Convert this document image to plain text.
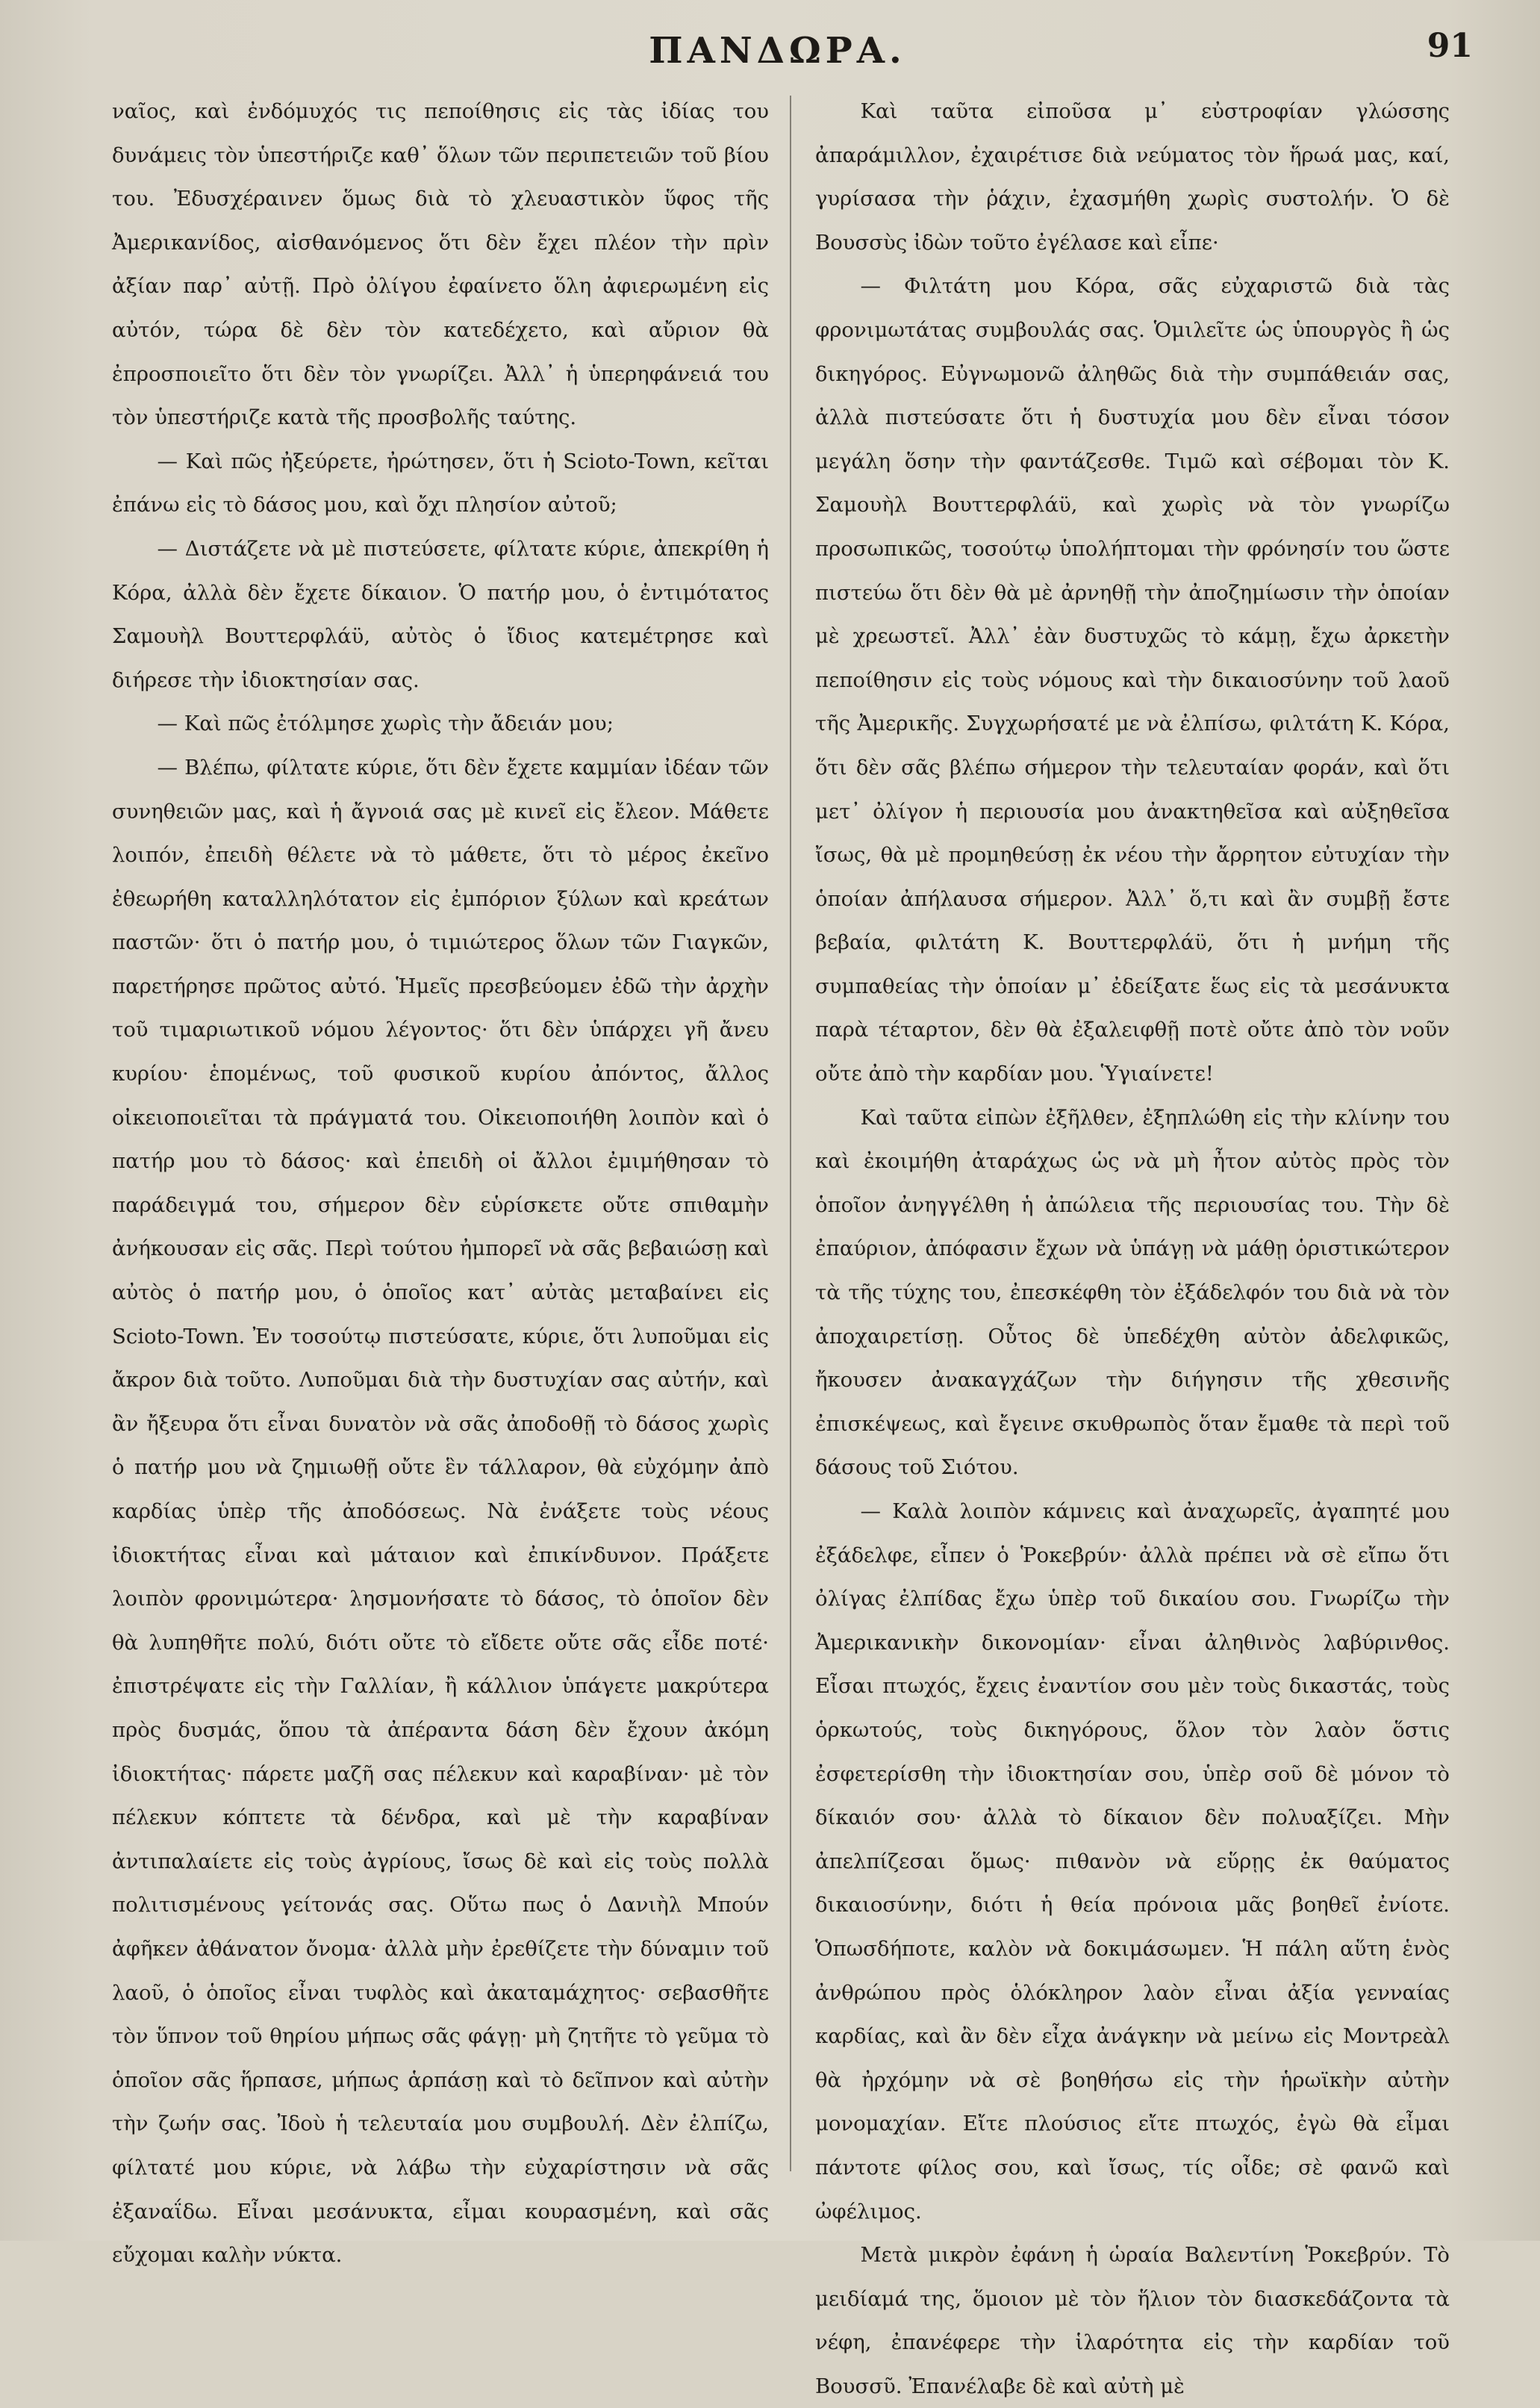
ΠΑΝΔΩΡΑ.	91

ναῖος, καὶ ἐνδόμυχός τις πεποίθησις εἰς τὰς ἰδίας του δυνάμεις τὸν ὑπεστήριζε καθ᾿ ὅλων τῶν περιπετειῶν τοῦ βίου του. Ἐδυσχέραινεν ὅμως διὰ τὸ χλευαστικὸν ὕφος τῆς Ἀμερικανίδος, αἰσθανόμενος ὅτι δὲν ἔχει πλέον τὴν πρὶν ἀξίαν παρ᾿ αὐτῇ. Πρὸ ὀλίγου ἐφαίνετο ὅλη ἀφιερωμένη εἰς αὐτόν, τώρα δὲ δὲν τὸν κατεδέχετο, καὶ αὔριον θὰ ἐπροσποιεῖτο ὅτι δὲν τὸν γνωρίζει. Ἀλλ᾿ ἡ ὑπερηφάνειά του τὸν ὑπεστήριζε κατὰ τῆς προσβολῆς ταύτης.

— Καὶ πῶς ἠξεύρετε, ἠρώτησεν, ὅτι ἡ Scioto-Town, κεῖται ἐπάνω εἰς τὸ δάσος μου, καὶ ὄχι πλησίον αὐτοῦ;

— Διστάζετε νὰ μὲ πιστεύσετε, φίλτατε κύριε, ἀπεκρίθη ἡ Κόρα, ἀλλὰ δὲν ἔχετε δίκαιον. Ὁ πατήρ μου, ὁ ἐντιμότατος Σαμουὴλ Βουττερφλάϋ, αὐτὸς ὁ ἴδιος κατεμέτρησε καὶ διήρεσε τὴν ἰδιοκτησίαν σας.

— Καὶ πῶς ἐτόλμησε χωρὶς τὴν ἄδειάν μου;

— Βλέπω, φίλτατε κύριε, ὅτι δὲν ἔχετε καμμίαν ἰδέαν τῶν συνηθειῶν μας, καὶ ἡ ἄγνοιά σας μὲ κινεῖ εἰς ἔλεον. Μάθετε λοιπόν, ἐπειδὴ θέλετε νὰ τὸ μάθετε, ὅτι τὸ μέρος ἐκεῖνο ἐθεωρήθη καταλληλότατον εἰς ἐμπόριον ξύλων καὶ κρεάτων παστῶν· ὅτι ὁ πατήρ μου, ὁ τιμιώτερος ὅλων τῶν Γιαγκῶν, παρετήρησε πρῶτος αὐτό. Ἡμεῖς πρεσβεύομεν ἐδῶ τὴν ἀρχὴν τοῦ τιμαριωτικοῦ νόμου λέγοντος· ὅτι δὲν ὑπάρχει γῆ ἄνευ κυρίου· ἑπομένως, τοῦ φυσικοῦ κυρίου ἀπόντος, ἄλλος οἰκειοποιεῖται τὰ πράγματά του. Οἰκειοποιήθη λοιπὸν καὶ ὁ πατήρ μου τὸ δάσος· καὶ ἐπειδὴ οἱ ἄλλοι ἐμιμήθησαν τὸ παράδειγμά του, σήμερον δὲν εὑρίσκετε οὔτε σπιθαμὴν ἀνήκουσαν εἰς σᾶς. Περὶ τούτου ἠμπορεῖ νὰ σᾶς βεβαιώσῃ καὶ αὐτὸς ὁ πατήρ μου, ὁ ὁποῖος κατ᾿ αὐτὰς μεταβαίνει εἰς Scioto-Town. Ἐν τοσούτῳ πιστεύσατε, κύριε, ὅτι λυποῦμαι εἰς ἄκρον διὰ τοῦτο. Λυποῦμαι διὰ τὴν δυστυχίαν σας αὐτήν, καὶ ἂν ἤξευρα ὅτι εἶναι δυνατὸν νὰ σᾶς ἀποδοθῇ τὸ δάσος χωρὶς ὁ πατήρ μου νὰ ζημιωθῇ οὔτε ἓν τάλλαρον, θὰ εὐχόμην ἀπὸ καρδίας ὑπὲρ τῆς ἀποδόσεως. Νὰ ἐνάξετε τοὺς νέους ἰδιοκτήτας εἶναι καὶ μάταιον καὶ ἐπικίνδυνον. Πράξετε λοιπὸν φρονιμώτερα· λησμονήσατε τὸ δάσος, τὸ ὁποῖον δὲν θὰ λυπηθῆτε πολύ, διότι οὔτε τὸ εἴδετε οὔτε σᾶς εἶδε ποτέ· ἐπιστρέψατε εἰς τὴν Γαλλίαν, ἢ κάλλιον ὑπάγετε μακρύτερα πρὸς δυσμάς, ὅπου τὰ ἀπέραντα δάση δὲν ἔχουν ἀκόμη ἰδιοκτήτας· πάρετε μαζῆ σας πέλεκυν καὶ καραβίναν· μὲ τὸν πέλεκυν κόπτετε τὰ δένδρα, καὶ μὲ τὴν καραβίναν ἀντιπαλαίετε εἰς τοὺς ἀγρίους, ἴσως δὲ καὶ εἰς τοὺς πολλὰ πολιτισμένους γείτονάς σας. Οὕτω πως ὁ Δανιὴλ Μπούν ἀφῆκεν ἀθάνατον ὄνομα· ἀλλὰ μὴν ἐρεθίζετε τὴν δύναμιν τοῦ λαοῦ, ὁ ὁποῖος εἶναι τυφλὸς καὶ ἀκαταμάχητος· σεβασθῆτε τὸν ὕπνον τοῦ θηρίου μήπως σᾶς φάγῃ· μὴ ζητῆτε τὸ γεῦμα τὸ ὁποῖον σᾶς ἥρπασε, μήπως ἁρπάσῃ καὶ τὸ δεῖπνον καὶ αὐτὴν τὴν ζωήν σας. Ἰδοὺ ἡ τελευταία μου συμβουλή. Δὲν ἐλπίζω, φίλτατέ μου κύριε, νὰ λάβω τὴν εὐχαρίστησιν νὰ σᾶς ἐξαναΐδω. Εἶναι μεσάνυκτα, εἶμαι κουρασμένη, καὶ σᾶς εὔχομαι καλὴν νύκτα.

Καὶ ταῦτα εἰποῦσα μ᾿ εὐστροφίαν γλώσσης ἀπαράμιλλον, ἐχαιρέτισε διὰ νεύματος τὸν ἥρωά μας, καί, γυρίσασα τὴν ῥάχιν, ἐχασμήθη χωρὶς συστολήν. Ὁ δὲ Βουσσὺς ἰδὼν τοῦτο ἐγέλασε καὶ εἶπε·

— Φιλτάτη μου Κόρα, σᾶς εὐχαριστῶ διὰ τὰς φρονιμωτάτας συμβουλάς σας. Ὁμιλεῖτε ὡς ὑπουργὸς ἢ ὡς δικηγόρος. Εὐγνωμονῶ ἀληθῶς διὰ τὴν συμπάθειάν σας, ἀλλὰ πιστεύσατε ὅτι ἡ δυστυχία μου δὲν εἶναι τόσον μεγάλη ὅσην τὴν φαντάζεσθε. Τιμῶ καὶ σέβομαι τὸν Κ. Σαμουὴλ Βουττερφλάϋ, καὶ χωρὶς νὰ τὸν γνωρίζω προσωπικῶς, τοσούτῳ ὑπολήπτομαι τὴν φρόνησίν του ὥστε πιστεύω ὅτι δὲν θὰ μὲ ἀρνηθῇ τὴν ἀποζημίωσιν τὴν ὁποίαν μὲ χρεωστεῖ. Ἀλλ᾿ ἐὰν δυστυχῶς τὸ κάμῃ, ἔχω ἀρκετὴν πεποίθησιν εἰς τοὺς νόμους καὶ τὴν δικαιοσύνην τοῦ λαοῦ τῆς Ἀμερικῆς. Συγχωρήσατέ με νὰ ἐλπίσω, φιλτάτη Κ. Κόρα, ὅτι δὲν σᾶς βλέπω σήμερον τὴν τελευταίαν φοράν, καὶ ὅτι μετ᾿ ὀλίγον ἡ περιουσία μου ἀνακτηθεῖσα καὶ αὐξηθεῖσα ἴσως, θὰ μὲ προμηθεύσῃ ἐκ νέου τὴν ἄρρητον εὐτυχίαν τὴν ὁποίαν ἀπήλαυσα σήμερον. Ἀλλ᾿ ὅ,τι καὶ ἂν συμβῇ ἔστε βεβαία, φιλτάτη Κ. Βουττερφλάϋ, ὅτι ἡ μνήμη τῆς συμπαθείας τὴν ὁποίαν μ᾿ ἐδείξατε ἕως εἰς τὰ μεσάνυκτα παρὰ τέταρτον, δὲν θὰ ἐξαλειφθῇ ποτὲ οὔτε ἀπὸ τὸν νοῦν οὔτε ἀπὸ τὴν καρδίαν μου. Ὑγιαίνετε!

Καὶ ταῦτα εἰπὼν ἐξῆλθεν, ἐξηπλώθη εἰς τὴν κλίνην του καὶ ἐκοιμήθη ἀταράχως ὡς νὰ μὴ ἦτον αὐτὸς πρὸς τὸν ὁποῖον ἀνηγγέλθη ἡ ἀπώλεια τῆς περιουσίας του. Τὴν δὲ ἐπαύριον, ἀπόφασιν ἔχων νὰ ὑπάγῃ νὰ μάθῃ ὁριστικώτερον τὰ τῆς τύχης του, ἐπεσκέφθη τὸν ἐξάδελφόν του διὰ νὰ τὸν ἀποχαιρετίσῃ. Οὗτος δὲ ὑπεδέχθη αὐτὸν ἀδελφικῶς, ἤκουσεν ἀνακαγχάζων τὴν διήγησιν τῆς χθεσινῆς ἐπισκέψεως, καὶ ἔγεινε σκυθρωπὸς ὅταν ἔμαθε τὰ περὶ τοῦ δάσους τοῦ Σιότου.

— Καλὰ λοιπὸν κάμνεις καὶ ἀναχωρεῖς, ἀγαπητέ μου ἐξάδελφε, εἶπεν ὁ Ῥοκεβρύν· ἀλλὰ πρέπει νὰ σὲ εἴπω ὅτι ὀλίγας ἐλπίδας ἔχω ὑπὲρ τοῦ δικαίου σου. Γνωρίζω τὴν Ἀμερικανικὴν δικονομίαν· εἶναι ἀληθινὸς λαβύρινθος. Εἶσαι πτωχός, ἔχεις ἐναντίον σου μὲν τοὺς δικαστάς, τοὺς ὁρκωτούς, τοὺς δικηγόρους, ὅλον τὸν λαὸν ὅστις ἐσφετερίσθη τὴν ἰδιοκτησίαν σου, ὑπὲρ σοῦ δὲ μόνον τὸ δίκαιόν σου· ἀλλὰ τὸ δίκαιον δὲν πολυαξίζει. Μὴν ἀπελπίζεσαι ὅμως· πιθανὸν νὰ εὕρῃς ἐκ θαύματος δικαιοσύνην, διότι ἡ θεία πρόνοια μᾶς βοηθεῖ ἐνίοτε. Ὁπωσδήποτε, καλὸν νὰ δοκιμάσωμεν. Ἡ πάλη αὕτη ἑνὸς ἀνθρώπου πρὸς ὁλόκληρον λαὸν εἶναι ἀξία γενναίας καρδίας, καὶ ἂν δὲν εἶχα ἀνάγκην νὰ μείνω εἰς Μοντρεὰλ θὰ ἠρχόμην νὰ σὲ βοηθήσω εἰς τὴν ἡρωϊκὴν αὐτὴν μονομαχίαν. Εἴτε πλούσιος εἴτε πτωχός, ἐγὼ θὰ εἶμαι πάντοτε φίλος σου, καὶ ἴσως, τίς οἶδε; σὲ φανῶ καὶ ὠφέλιμος.

Μετὰ μικρὸν ἐφάνη ἡ ὡραία Βαλεντίνη Ῥοκεβρύν. Τὸ μειδίαμά της, ὅμοιον μὲ τὸν ἥλιον τὸν διασκεδάζοντα τὰ νέφη, ἐπανέφερε τὴν ἱλαρότητα εἰς τὴν καρδίαν τοῦ Βουσσῦ. Ἐπανέλαβε δὲ καὶ αὐτὴ μὲ
